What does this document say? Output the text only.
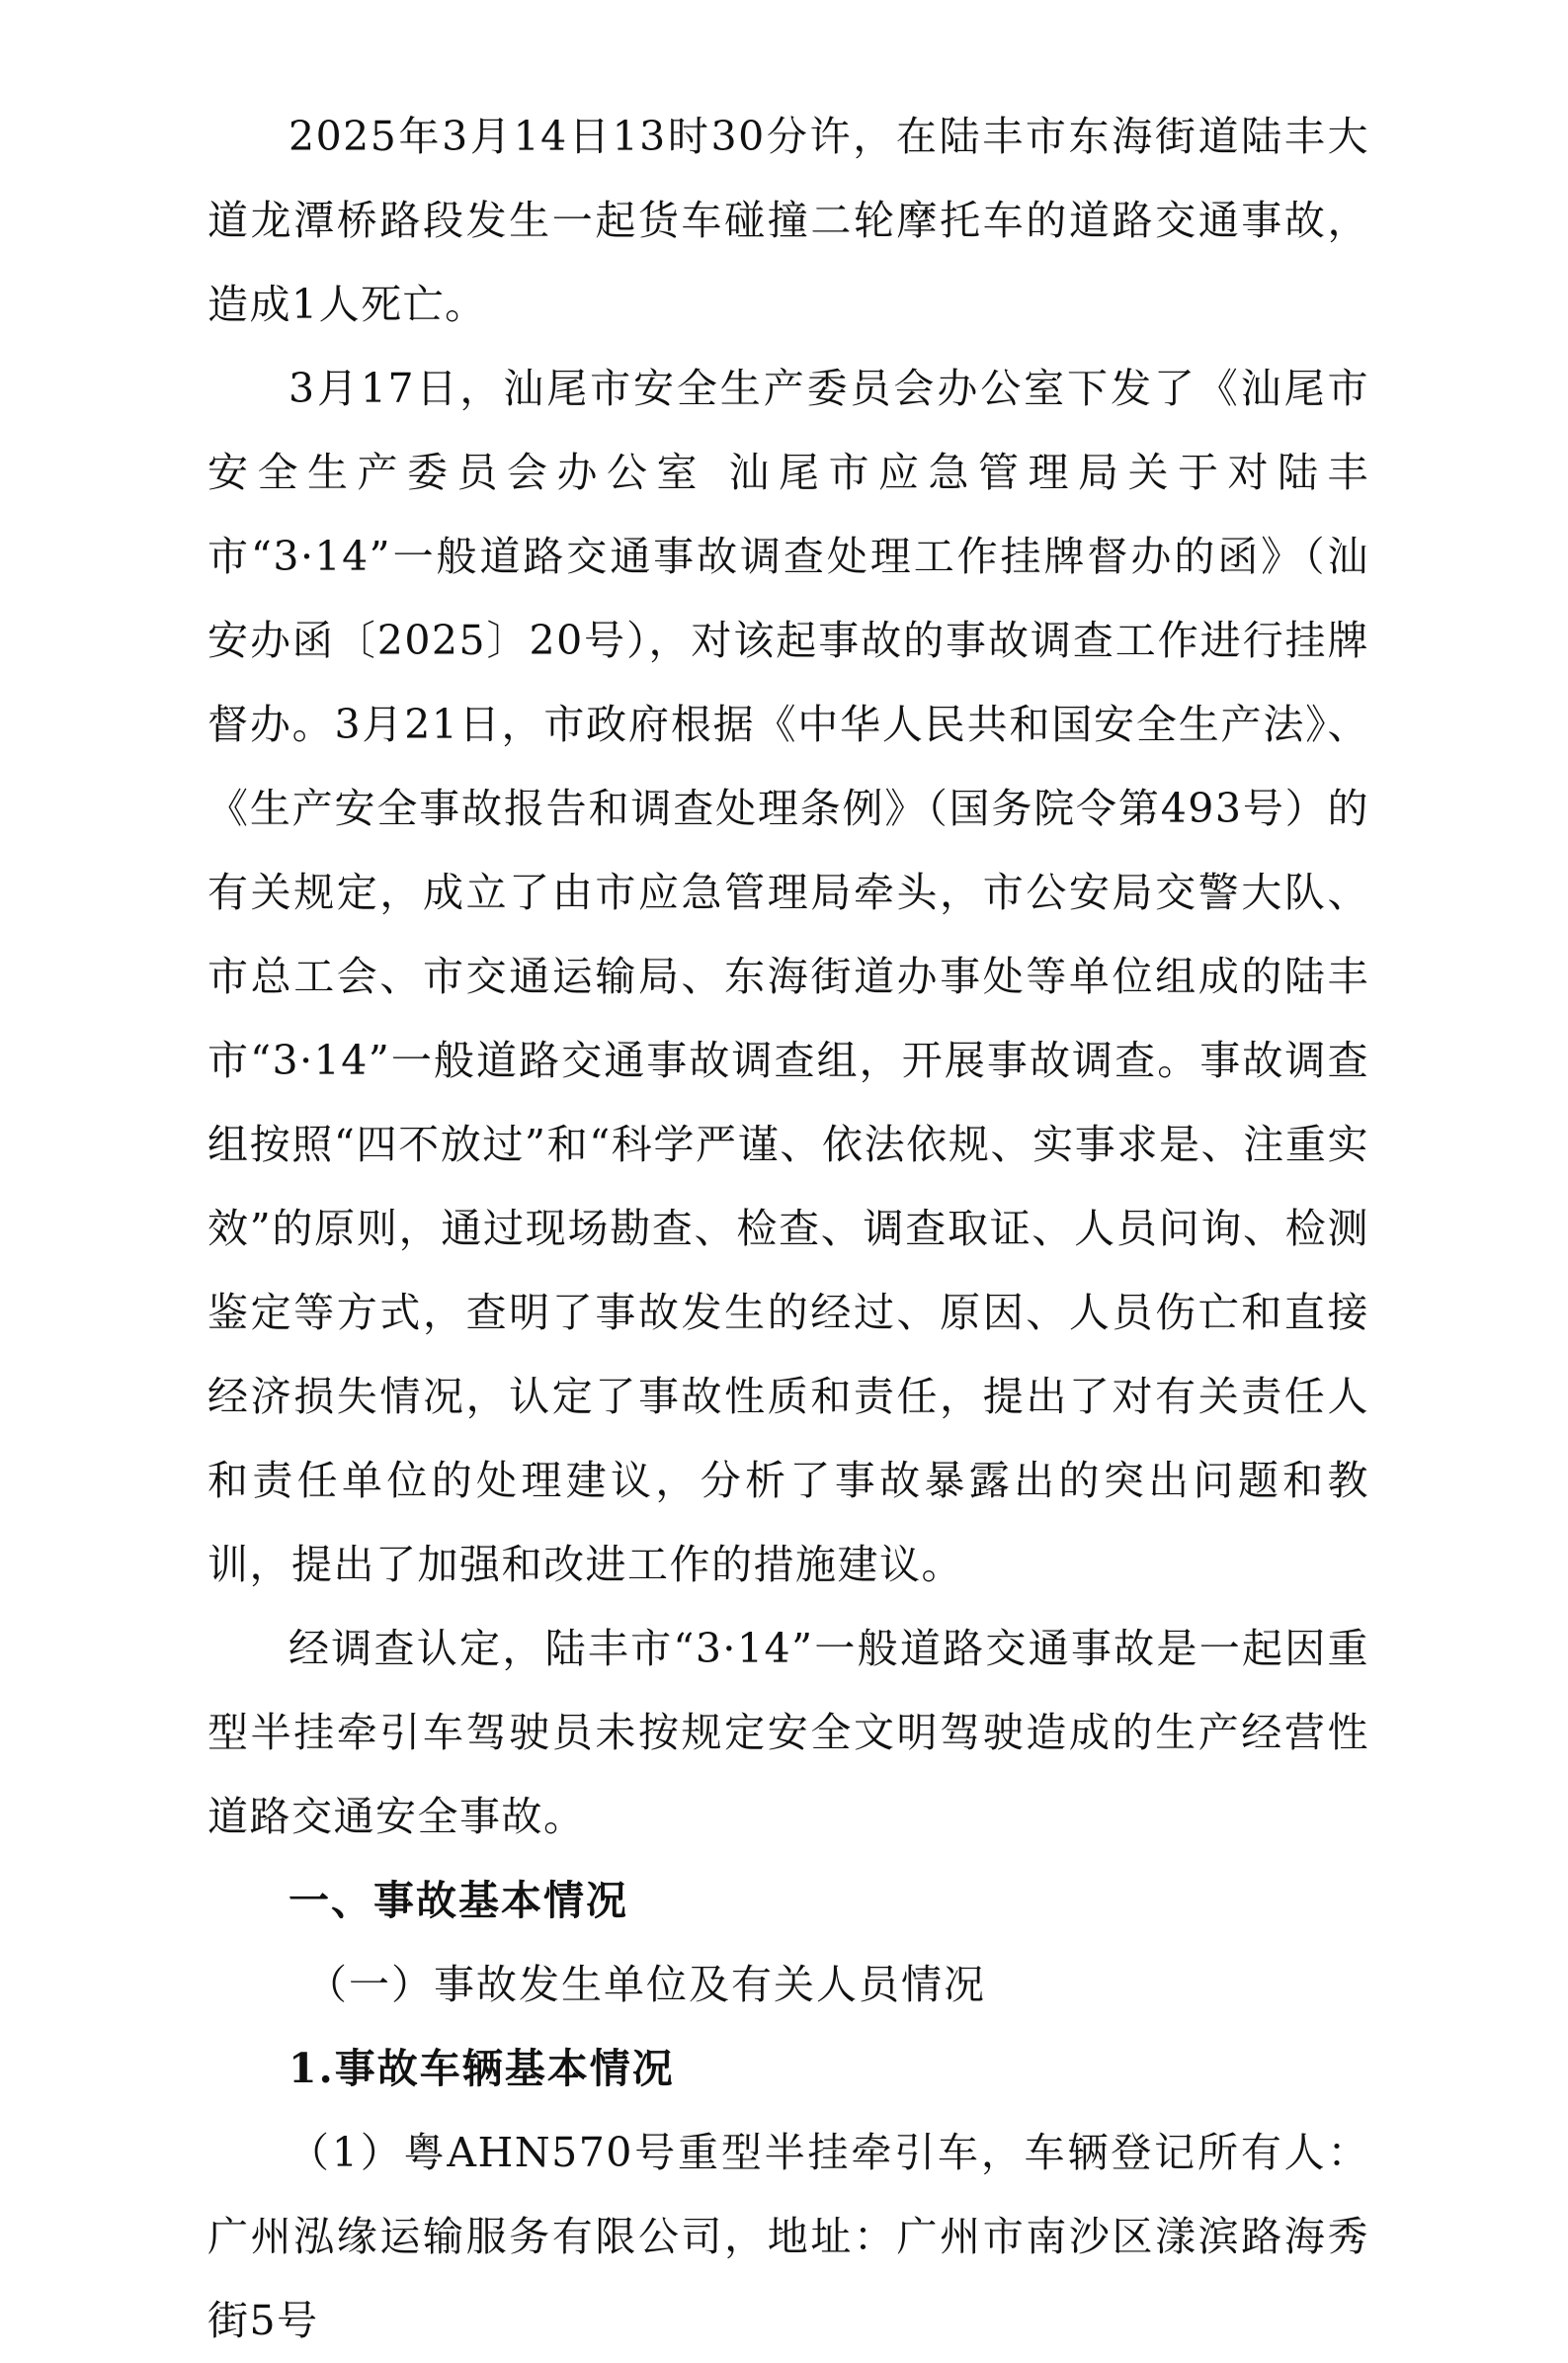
2025年3月14日13时30分许，在陆丰市东海街道陆丰大道龙潭桥路段发生一起货车碰撞二轮摩托车的道路交通事故，造成1人死亡。

3月17日，汕尾市安全生产委员会办公室下发了《汕尾市安全生产委员会办公室 汕尾市应急管理局关于对陆丰市“3·14”一般道路交通事故调查处理工作挂牌督办的函》（汕安办函〔2025〕20号），对该起事故的事故调查工作进行挂牌督办。3月21日，市政府根据《中华人民共和国安全生产法》、《生产安全事故报告和调查处理条例》（国务院令第493号）的有关规定，成立了由市应急管理局牵头，市公安局交警大队、市总工会、市交通运输局、东海街道办事处等单位组成的陆丰市“3·14”一般道路交通事故调查组，开展事故调查。事故调查组按照“四不放过”和“科学严谨、依法依规、实事求是、注重实效”的原则，通过现场勘查、检查、调查取证、人员问询、检测鉴定等方式，查明了事故发生的经过、原因、人员伤亡和直接经济损失情况，认定了事故性质和责任，提出了对有关责任人和责任单位的处理建议，分析了事故暴露出的突出问题和教训，提出了加强和改进工作的措施建议。

经调查认定，陆丰市“3·14”一般道路交通事故是一起因重型半挂牵引车驾驶员未按规定安全文明驾驶造成的生产经营性道路交通安全事故。

一、事故基本情况

（一）事故发生单位及有关人员情况

1.事故车辆基本情况

（1）粤AHN570号重型半挂牵引车，车辆登记所有人：广州泓缘运输服务有限公司，地址：广州市南沙区漾滨路海秀街5号
